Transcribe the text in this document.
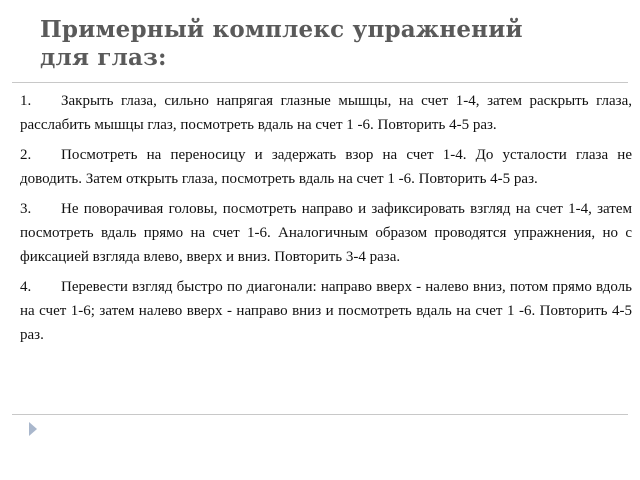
Примерный комплекс упражнений
для глаз:
1. Закрыть глаза, сильно напрягая глазные мышцы, на счет 1-4, затем раскрыть глаза, расслабить мышцы глаз, посмотреть вдаль на счет 1 -6. Повторить 4-5 раз.
2. Посмотреть на переносицу и задержать взор на счет 1-4. До усталости глаза не доводить. Затем открыть глаза, посмотреть вдаль на счет 1 -6. Повторить 4-5 раз.
3. Не поворачивая головы, посмотреть направо и зафиксировать взгляд на счет 1-4, затем посмотреть вдаль прямо на счет 1-6. Аналогичным образом проводятся упражнения, но с фиксацией взгляда влево, вверх и вниз. Повторить 3-4 раза.
4. Перевести взгляд быстро по диагонали: направо вверх - налево вниз, потом прямо вдоль на счет 1-6; затем налево вверх - направо вниз и посмотреть вдаль на счет 1 -6. Повторить 4-5 раз.
